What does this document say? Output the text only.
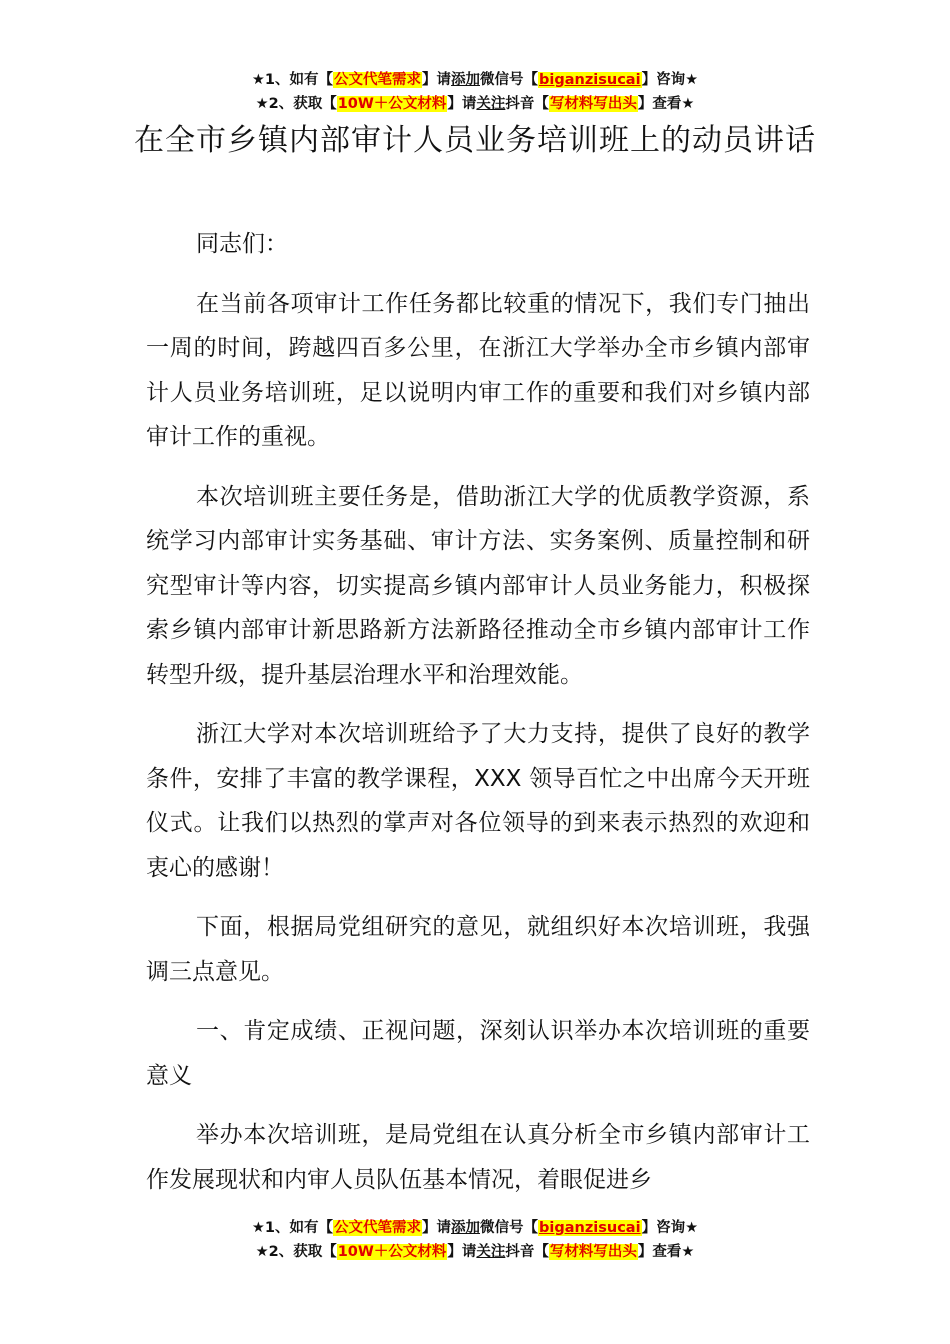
★1、如有【公文代笔需求】请添加微信号【biganzisucai】咨询★
★2、获取【10W＋公文材料】请关注抖音【写材料写出头】查看★
在全市乡镇内部审计人员业务培训班上的动员讲话

同志们：

在当前各项审计工作任务都比较重的情况下，我们专门抽出一周的时间，跨越四百多公里，在浙江大学举办全市乡镇内部审计人员业务培训班，足以说明内审工作的重要和我们对乡镇内部审计工作的重视。

本次培训班主要任务是，借助浙江大学的优质教学资源，系统学习内部审计实务基础、审计方法、实务案例、质量控制和研究型审计等内容，切实提高乡镇内部审计人员业务能力，积极探索乡镇内部审计新思路新方法新路径推动全市乡镇内部审计工作转型升级，提升基层治理水平和治理效能。

浙江大学对本次培训班给予了大力支持，提供了良好的教学条件，安排了丰富的教学课程，XXX 领导百忙之中出席今天开班仪式。让我们以热烈的掌声对各位领导的到来表示热烈的欢迎和衷心的感谢！

下面，根据局党组研究的意见，就组织好本次培训班，我强调三点意见。

一、肯定成绩、正视问题，深刻认识举办本次培训班的重要意义

举办本次培训班，是局党组在认真分析全市乡镇内部审计工作发展现状和内审人员队伍基本情况，着眼促进乡

★1、如有【公文代笔需求】请添加微信号【biganzisucai】咨询★
★2、获取【10W＋公文材料】请关注抖音【写材料写出头】查看★
